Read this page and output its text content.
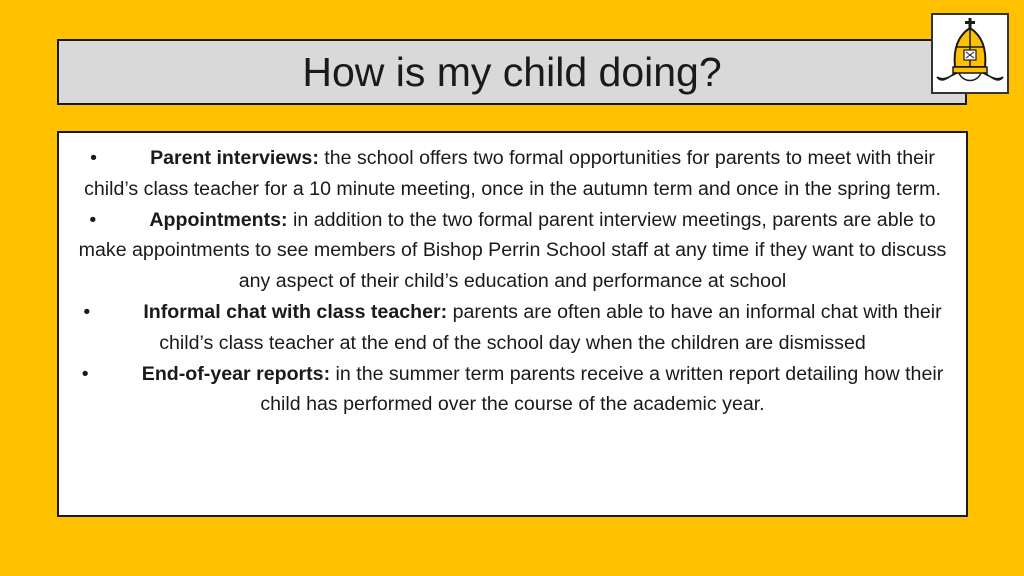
How is my child doing?

•	Parent interviews: the school offers two formal opportunities for parents to meet with their child’s class teacher for a 10 minute meeting, once in the autumn term and once in the spring term.

•	Appointments: in addition to the two formal parent interview meetings, parents are able to make appointments to see members of Bishop Perrin School staff at any time if they want to discuss any aspect of their child’s education and performance at school

•	Informal chat with class teacher: parents are often able to have an informal chat with their child’s class teacher at the end of the school day when the children are dismissed

•	End-of-year reports: in the summer term parents receive a written report detailing how their child has performed over the course of the academic year.
